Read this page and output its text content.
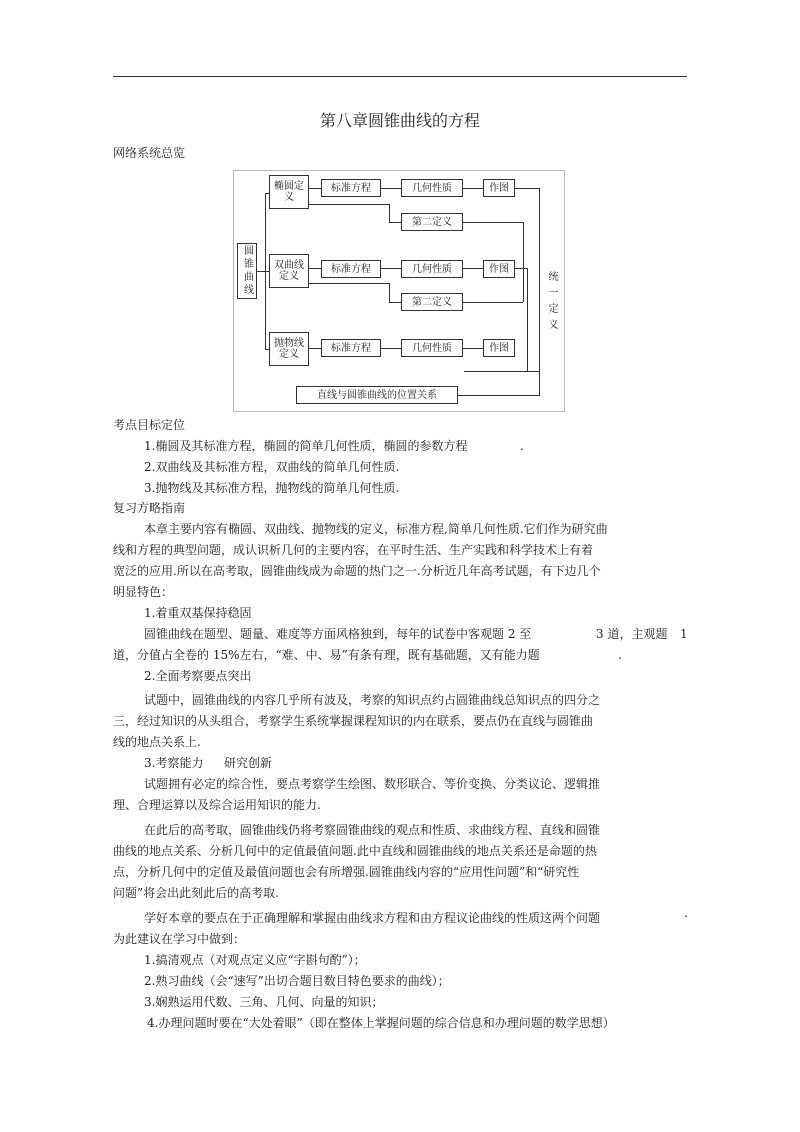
第八章圆锥曲线的方程
网络系统总览
圆锥曲线
椭圆定义
双曲线定义
抛物线定义
标准方程	几何性质	作图
第二定义
标准方程	几何性质	作图
第二定义
标准方程	几何性质	作图
统一定义
直线与圆锥曲线的位置关系
考点目标定位
1.椭圆及其标准方程，椭圆的简单几何性质，椭圆的参数方程	.
2.双曲线及其标准方程，双曲线的简单几何性质.
3.抛物线及其标准方程，抛物线的简单几何性质.
复习方略指南
本章主要内容有椭圆、双曲线、抛物线的定义，标准方程,简单几何性质.它们作为研究曲
线和方程的典型问题，成认识析几何的主要内容，在平时生活、生产实践和科学技术上有着
宽泛的应用.所以在高考取，圆锥曲线成为命题的热门之一.分析近几年高考试题，有下边几个
明显特色：
1.着重双基保持稳固
圆锥曲线在题型、题量、难度等方面风格独到，每年的试卷中客观题 2 至	3 道，主观题 1
道，分值占全卷的 15%左右，“难、中、易”有条有理，既有基础题，又有能力题	.
2.全面考察要点突出
试题中，圆锥曲线的内容几乎所有波及，考察的知识点约占圆锥曲线总知识点的四分之
三，经过知识的从头组合，考察学生系统掌握课程知识的内在联系，要点仍在直线与圆锥曲
线的地点关系上.
3.考察能力 研究创新
试题拥有必定的综合性，要点考察学生绘图、数形联合、等价变换、分类议论、逻辑推
理、合理运算以及综合运用知识的能力.
在此后的高考取，圆锥曲线仍将考察圆锥曲线的观点和性质、求曲线方程、直线和圆锥
曲线的地点关系、分析几何中的定值最值问题.此中直线和圆锥曲线的地点关系还是命题的热
点，分析几何中的定值及最值问题也会有所增强.圆锥曲线内容的“应用性问题”和“研究性
问题”将会出此刻此后的高考取.
学好本章的要点在于正确理解和掌握由曲线求方程和由方程议论曲线的性质这两个问题	.
为此建议在学习中做到：
1.搞清观点（对观点定义应“字斟句酌”）；
2.熟习曲线（会“速写”出切合题目数目特色要求的曲线）；
3.娴熟运用代数、三角、几何、向量的知识；
4.办理问题时要在“大处着眼”（即在整体上掌握问题的综合信息和办理问题的数学思想）
